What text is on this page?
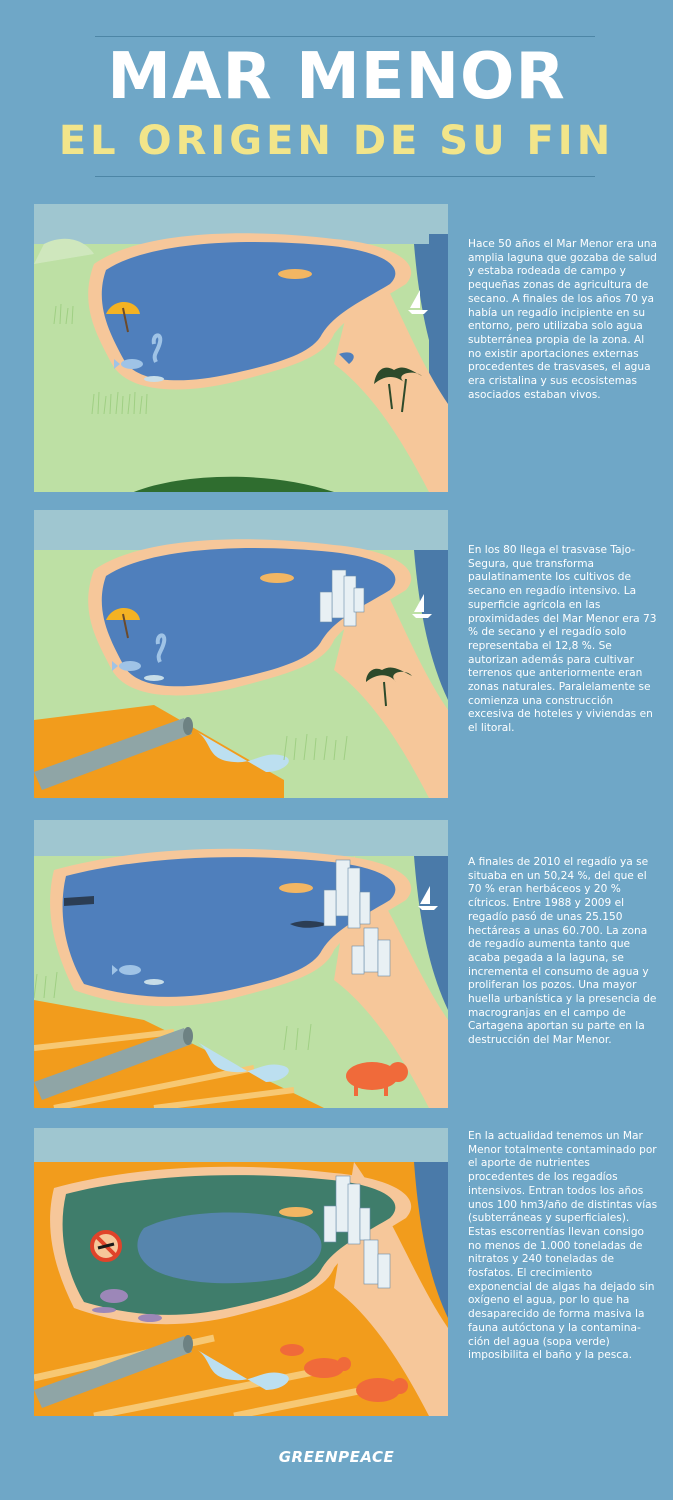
MAR MENOR
EL ORIGEN DE SU FIN

Hace 50 años el Mar Menor era una amplia laguna que gozaba de salud y estaba rodeada de campo y pequeñas zonas de agricultura de secano. A finales de los años 70 ya había un regadío incipiente en su entorno, pero utilizaba solo agua subterránea propia de la zona. Al no existir aportaciones externas procedentes de trasvases, el agua era cristalina y sus ecosistemas asociados estaban vivos.

En los 80 llega el trasvase Tajo-Segura, que transforma paulatinamente los cultivos de secano en regadío intensivo. La superficie agrícola en las proximidades del Mar Menor era 73 % de secano y el regadío solo representaba el 12,8 %. Se autorizan además para cultivar terrenos que anteriormente eran zonas naturales. Paralelamente se comienza una construcción excesiva de hoteles y viviendas en el litoral.

A finales de 2010 el regadío ya se situaba en un 50,24 %, del que el 70 % eran herbáceos y 20 % cítricos. Entre 1988 y 2009 el regadío pasó de unas 25.150 hectáreas a unas 60.700. La zona de regadío aumenta tanto que acaba pegada a la laguna, se incrementa el consumo de agua y proliferan los pozos. Una mayor huella urbanística y la presencia de macrogranjas en el campo de Cartagena aportan su parte en la destrucción del Mar Menor.

En la actualidad tenemos un Mar Menor totalmente contaminado por el aporte de nutrientes procedentes de los regadíos intensivos. Entran todos los años unos 100 hm3/año de distintas vías (subterráneas y superficiales). Estas escorrentías llevan consigo no menos de 1.000 toneladas de nitratos y 240 toneladas de fosfatos. El crecimiento exponencial de algas ha dejado sin oxígeno el agua, por lo que ha desaparecido de forma masiva la fauna autóctona y la contamina- ción del agua (sopa verde) imposibilita el baño y la pesca.

GREENPEACE
